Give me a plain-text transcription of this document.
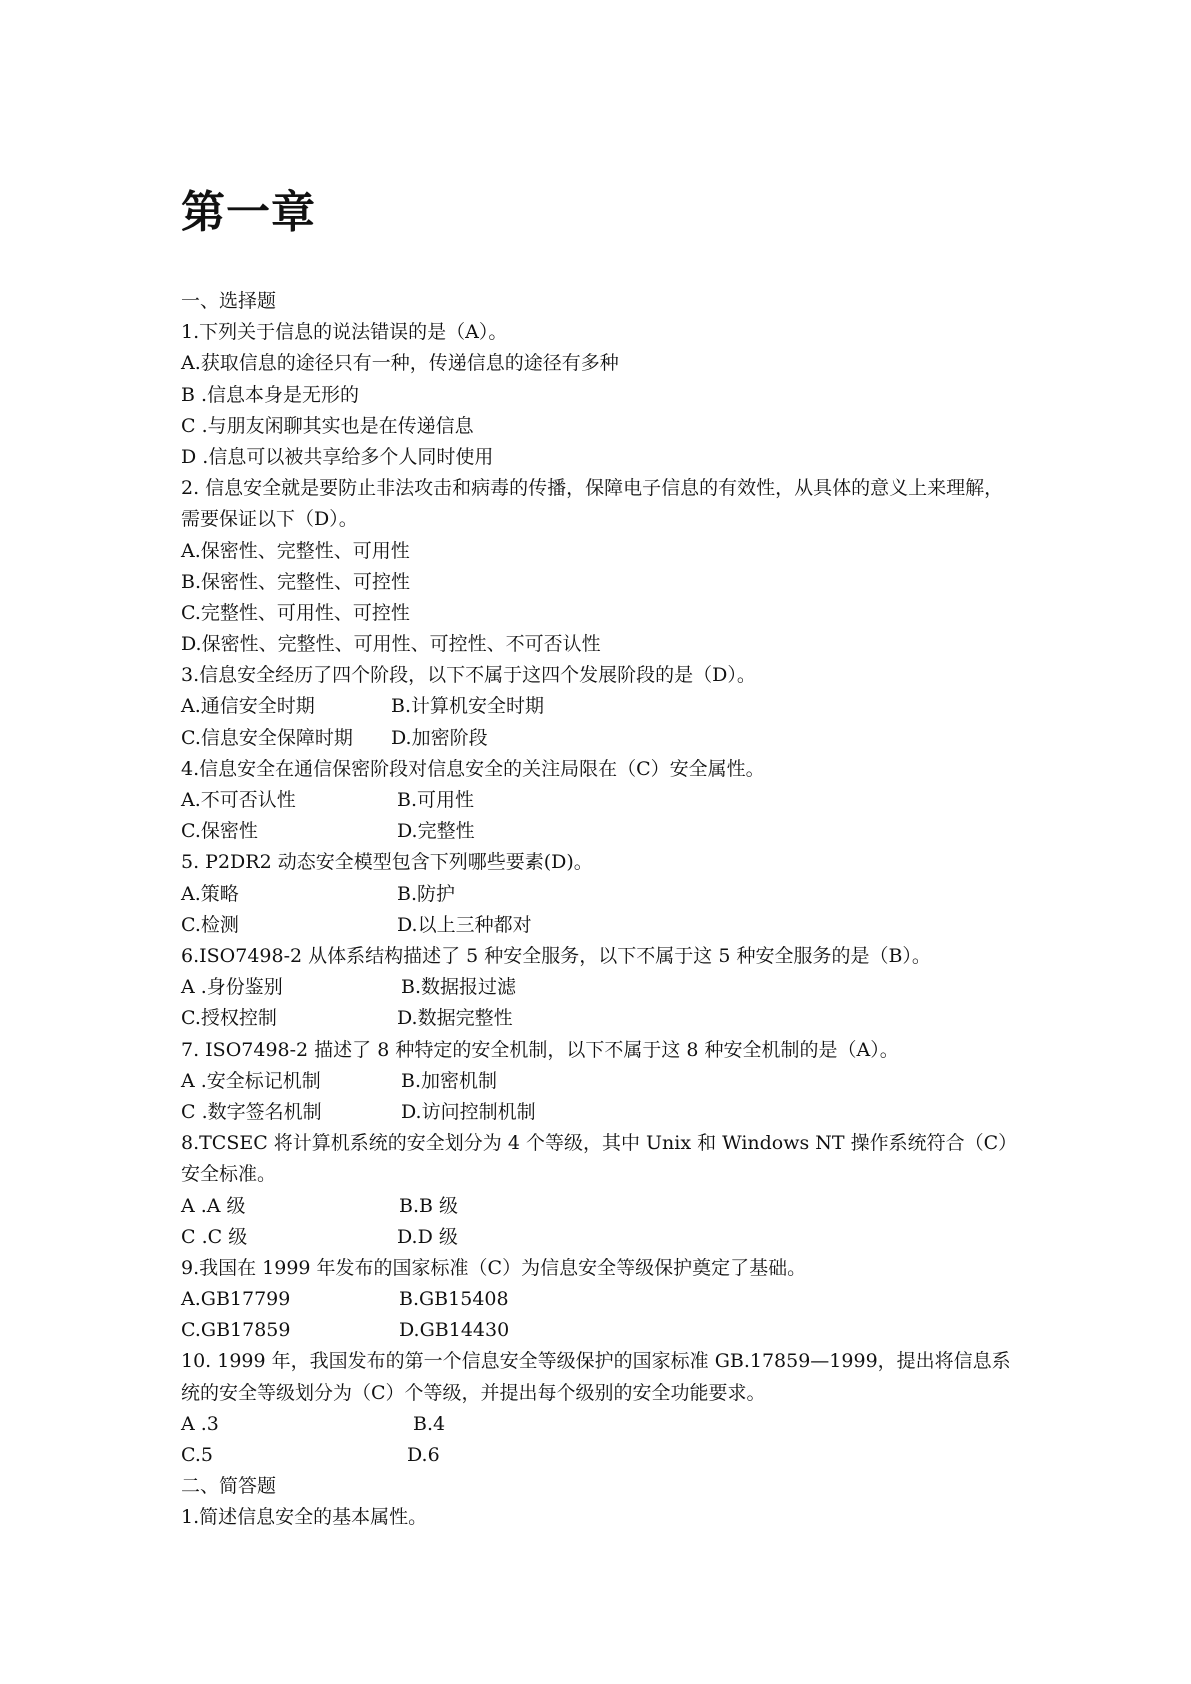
第一章
一、选择题
1.下列关于信息的说法错误的是（A）。
A.获取信息的途径只有一种，传递信息的途径有多种
B .信息本身是无形的
C .与朋友闲聊其实也是在传递信息
D .信息可以被共享给多个人同时使用
2. 信息安全就是要防止非法攻击和病毒的传播，保障电子信息的有效性，从具体的意义上来理解，需要保证以下（D）。
A.保密性、完整性、可用性
B.保密性、完整性、可控性
C.完整性、可用性、可控性
D.保密性、完整性、可用性、可控性、不可否认性
3.信息安全经历了四个阶段，以下不属于这四个发展阶段的是（D）。
A.通信安全时期	B.计算机安全时期
C.信息安全保障时期	D.加密阶段
4.信息安全在通信保密阶段对信息安全的关注局限在（C）安全属性。
A.不可否认性	B.可用性
C.保密性	D.完整性
5. P2DR2 动态安全模型包含下列哪些要素(D)。
A.策略	B.防护
C.检测	D.以上三种都对
6.ISO7498-2 从体系结构描述了 5 种安全服务，以下不属于这 5 种安全服务的是（B）。
A .身份鉴别	B.数据报过滤
C.授权控制	D.数据完整性
7. ISO7498-2 描述了 8 种特定的安全机制，以下不属于这 8 种安全机制的是（A）。
A .安全标记机制	B.加密机制
C .数字签名机制	D.访问控制机制
8.TCSEC 将计算机系统的安全划分为 4 个等级，其中 Unix 和 Windows NT 操作系统符合（C）安全标准。
A .A 级	B.B 级
C .C 级	D.D 级
9.我国在 1999 年发布的国家标准（C）为信息安全等级保护奠定了基础。
A.GB17799	B.GB15408
C.GB17859	D.GB14430
10. 1999 年，我国发布的第一个信息安全等级保护的国家标准 GB.17859—1999，提出将信息系统的安全等级划分为（C）个等级，并提出每个级别的安全功能要求。
A .3	B.4
C.5	D.6
二、简答题
1.简述信息安全的基本属性。
